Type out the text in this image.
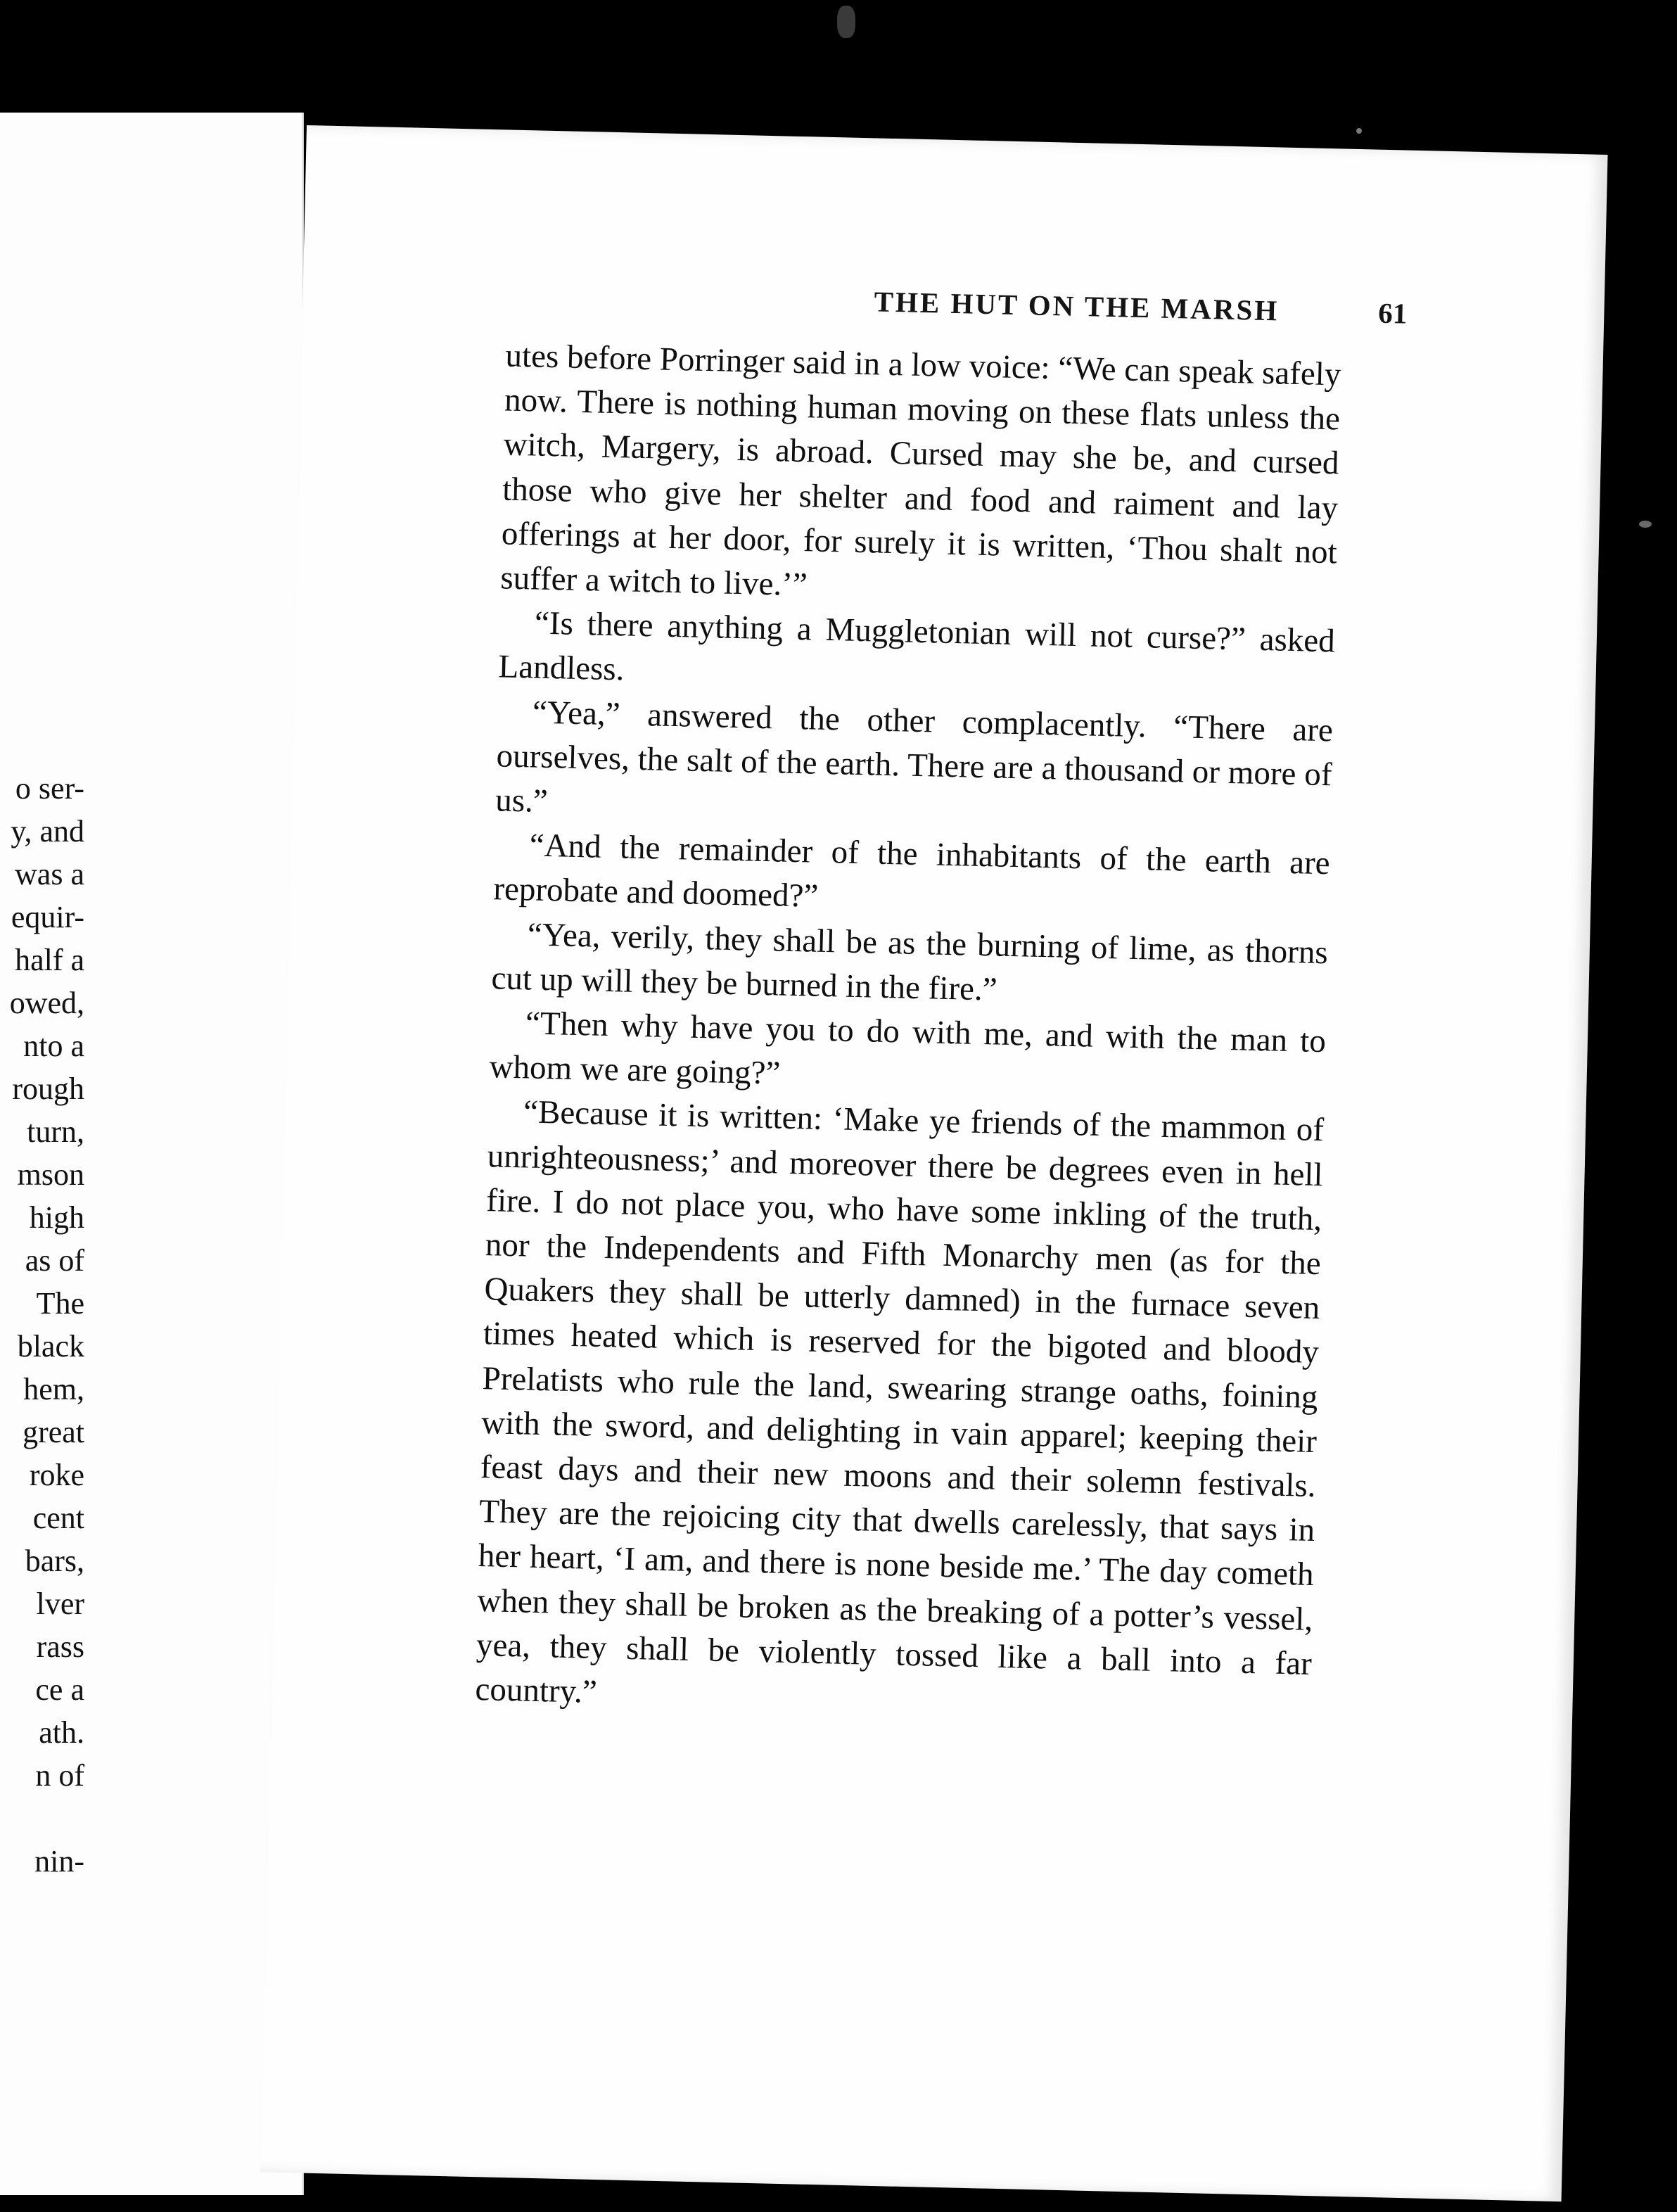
o ser-
y, and
was a
equir-
half a
owed,
nto a
rough
turn,
mson
high
as of
The
black
hem,
great
roke
cent
bars,
lver
rass
ce a
ath.
n of
nin-
THE HUT ON THE MARSH	61

utes before Porringer said in a low voice: “We can speak safely now. There is nothing human moving on these flats unless the witch, Margery, is abroad. Cursed may she be, and cursed those who give her shelter and food and raiment and lay offerings at her door, for surely it is written, ‘Thou shalt not suffer a witch to live.’”

“Is there anything a Muggletonian will not curse?” asked Landless.

“Yea,” answered the other complacently. “There are ourselves, the salt of the earth. There are a thousand or more of us.”

“And the remainder of the inhabitants of the earth are reprobate and doomed?”

“Yea, verily, they shall be as the burning of lime, as thorns cut up will they be burned in the fire.”

“Then why have you to do with me, and with the man to whom we are going?”

“Because it is written: ‘Make ye friends of the mammon of unrighteousness;’ and moreover there be degrees even in hell fire. I do not place you, who have some inkling of the truth, nor the Independents and Fifth Monarchy men (as for the Quakers they shall be utterly damned) in the furnace seven times heated which is reserved for the bigoted and bloody Prelatists who rule the land, swearing strange oaths, foining with the sword, and delighting in vain apparel; keeping their feast days and their new moons and their solemn festivals. They are the rejoicing city that dwells carelessly, that says in her heart, ‘I am, and there is none beside me.’ The day cometh when they shall be broken as the breaking of a potter’s vessel, yea, they shall be violently tossed like a ball into a far country.”
